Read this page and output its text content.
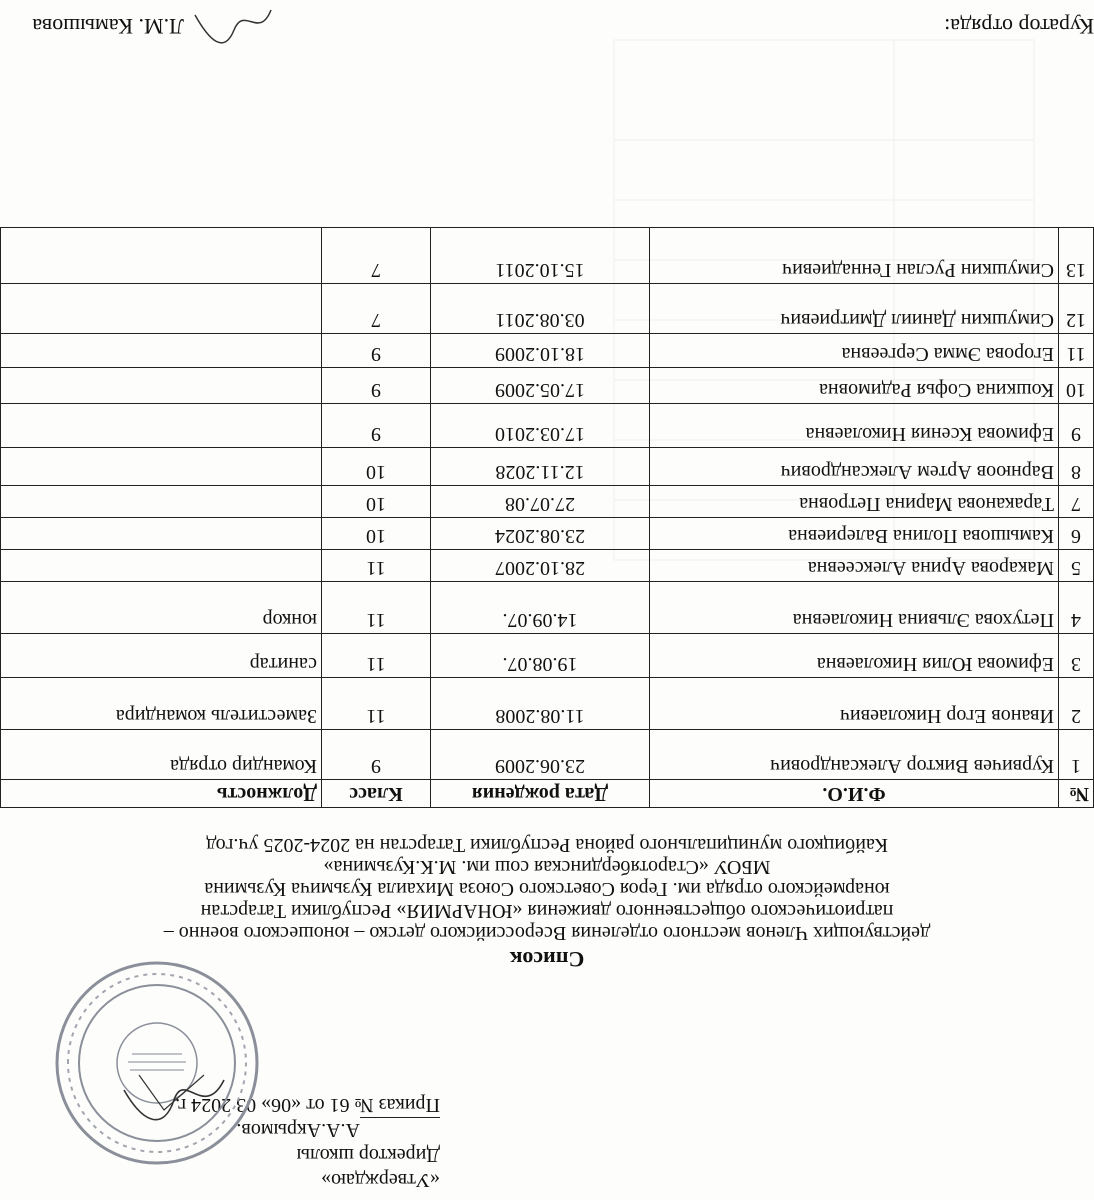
«Утверждаю»
Директор школы
А.А.Акрымов.
Приказ № 61 от «06» 03 2024 г.
Список

действующих Членов местного отделения Всероссийского детско – юношеского военно –

патриотического общественного движения «ЮНАРМИЯ» Республики Татарстан

юнармейского отряда им. Героя Советского Союза Михаила Кузьмича Кузьмина

МБОУ «Старотябердинская сош им. М.К.Кузьмина»

Кайбицкого муниципального района Республики Татарстан на 2024-2025 уч.год

№	Ф.И.О.	Дата рождения	Класс	Должность
1	Курвичев Виктор Александрович	23.06.2009	9	Командир отряда
2	Иванов Егор Николаевич	11.08.2008	11	Заместитель командира
3	Ефимова Юлия Николаевна	19.08.07.	11	санитар
4	Петухова Эльвина Николаевна	14.09.07.	11	юнкор
5	Макарова Арина Алексеевна	28.10.2007	11	
6	Камышова Полина Валериевна	23.08.2024	10	
7	Тараканова Марина Петровна	27.07.08	10	
8	Варнюов Артем Александрович	12.11.2028	10	
9	Ефимова Ксения Николаевна	17.03.2010	9	
10	Кошкина Софья Радимовна	17.05.2009	9	
11	Егорова Эмма Сергеевна	18.10.2009	9	
12	Симушкин Даниил Дмитриевич	03.08.2011	7	
13	Симушкин Руслан Геннадиевич	15.10.2011	7	
Куратор отряда:
Л.М. Камышова
